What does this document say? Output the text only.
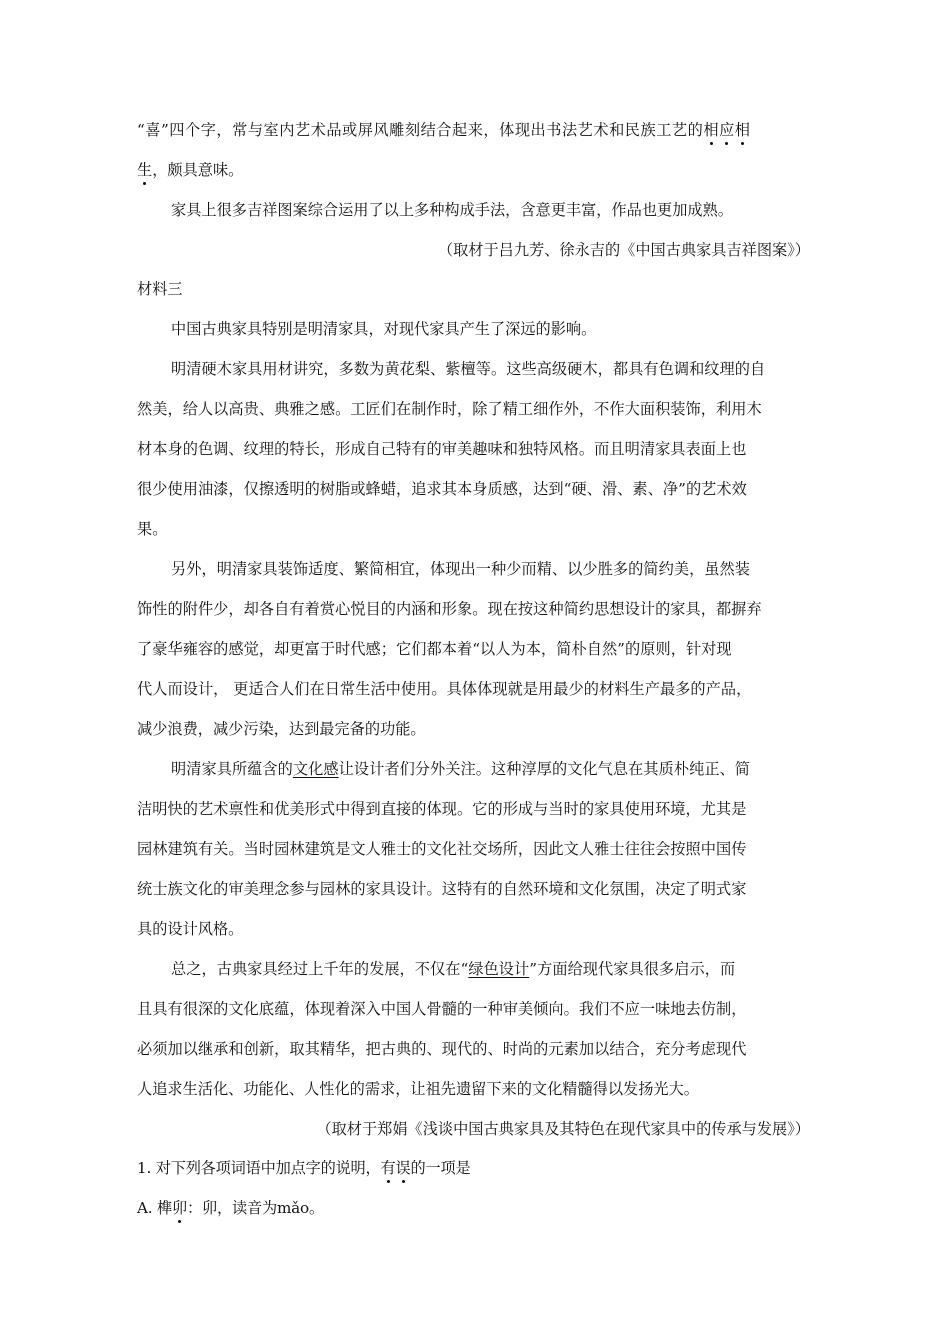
“喜”四个字，常与室内艺术品或屏风雕刻结合起来，体现出书法艺术和民族工艺的相应相
生，颇具意味。
家具上很多吉祥图案综合运用了以上多种构成手法，含意更丰富，作品也更加成熟。
（取材于吕九芳、徐永吉的《中国古典家具吉祥图案》）
材料三
中国古典家具特别是明清家具，对现代家具产生了深远的影响。
明清硬木家具用材讲究，多数为黄花梨、紫檀等。这些高级硬木，都具有色调和纹理的自
然美，给人以高贵、典雅之感。工匠们在制作时，除了精工细作外，不作大面积装饰，利用木
材本身的色调、纹理的特长，形成自己特有的审美趣味和独特风格。而且明清家具表面上也
很少使用油漆，仅擦透明的树脂或蜂蜡，追求其本身质感，达到“硬、滑、素、净”的艺术效
果。
另外，明清家具装饰适度、繁简相宜，体现出一种少而精、以少胜多的简约美，虽然装
饰性的附件少，却各自有着赏心悦目的内涵和形象。现在按这种简约思想设计的家具，都摒弃
了豪华雍容的感觉，却更富于时代感；它们都本着“以人为本，简朴自然”的原则，针对现
代人而设计， 更适合人们在日常生活中使用。具体体现就是用最少的材料生产最多的产品，
减少浪费，减少污染，达到最完备的功能。
明清家具所蕴含的文化感让设计者们分外关注。这种淳厚的文化气息在其质朴纯正、简
洁明快的艺术禀性和优美形式中得到直接的体现。它的形成与当时的家具使用环境，尤其是
园林建筑有关。当时园林建筑是文人雅士的文化社交场所，因此文人雅士往往会按照中国传
统士族文化的审美理念参与园林的家具设计。这特有的自然环境和文化氛围，决定了明式家
具的设计风格。
总之，古典家具经过上千年的发展，不仅在“绿色设计”方面给现代家具很多启示，而
且具有很深的文化底蕴，体现着深入中国人骨髓的一种审美倾向。我们不应一味地去仿制，
必须加以继承和创新，取其精华，把古典的、现代的、时尚的元素加以结合，充分考虑现代
人追求生活化、功能化、人性化的需求，让祖先遗留下来的文化精髓得以发扬光大。
（取材于郑娟《浅谈中国古典家具及其特色在现代家具中的传承与发展》）
1. 对下列各项词语中加点字的说明，有误的一项是
A. 榫卯：卯，读音为mǎo。
